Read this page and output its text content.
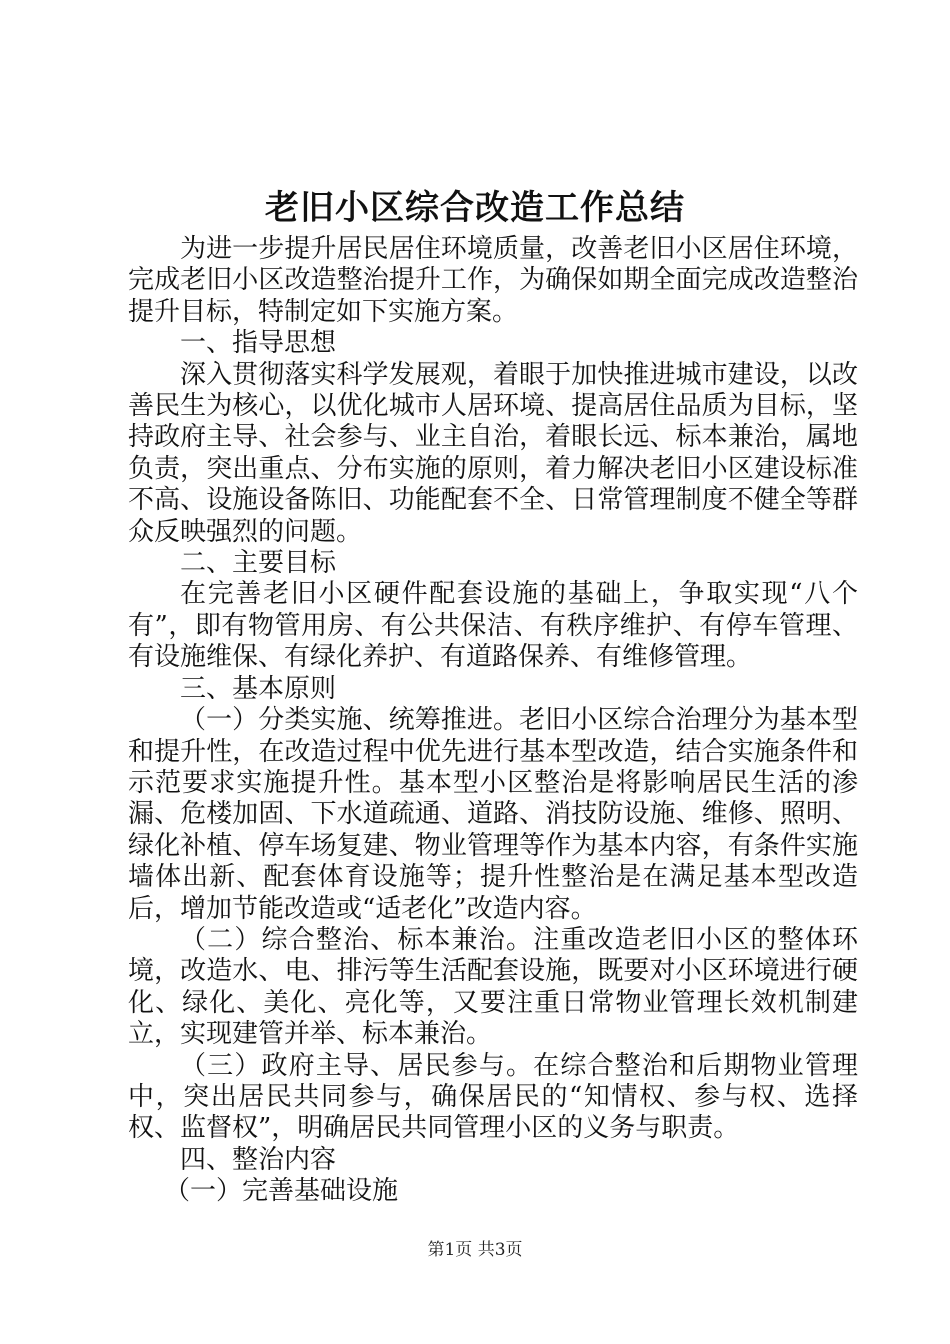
老旧小区综合改造工作总结

为进一步提升居民居住环境质量，改善老旧小区居住环境，完成老旧小区改造整治提升工作，为确保如期全面完成改造整治提升目标，特制定如下实施方案。

一、指导思想

深入贯彻落实科学发展观，着眼于加快推进城市建设，以改善民生为核心，以优化城市人居环境、提高居住品质为目标，坚持政府主导、社会参与、业主自治，着眼长远、标本兼治，属地负责，突出重点、分布实施的原则，着力解决老旧小区建设标准不高、设施设备陈旧、功能配套不全、日常管理制度不健全等群众反映强烈的问题。

二、主要目标

在完善老旧小区硬件配套设施的基础上，争取实现“八个有”，即有物管用房、有公共保洁、有秩序维护、有停车管理、有设施维保、有绿化养护、有道路保养、有维修管理。

三、基本原则

（一）分类实施、统筹推进。老旧小区综合治理分为基本型和提升性，在改造过程中优先进行基本型改造，结合实施条件和示范要求实施提升性。基本型小区整治是将影响居民生活的渗漏、危楼加固、下水道疏通、道路、消技防设施、维修、照明、绿化补植、停车场复建、物业管理等作为基本内容，有条件实施墙体出新、配套体育设施等；提升性整治是在满足基本型改造后，增加节能改造或“适老化”改造内容。

（二）综合整治、标本兼治。注重改造老旧小区的整体环境，改造水、电、排污等生活配套设施，既要对小区环境进行硬化、绿化、美化、亮化等，又要注重日常物业管理长效机制建立，实现建管并举、标本兼治。

（三）政府主导、居民参与。在综合整治和后期物业管理中，突出居民共同参与，确保居民的“知情权、参与权、选择权、监督权”，明确居民共同管理小区的义务与职责。

四、整治内容

（一）完善基础设施

第1页 共3页
